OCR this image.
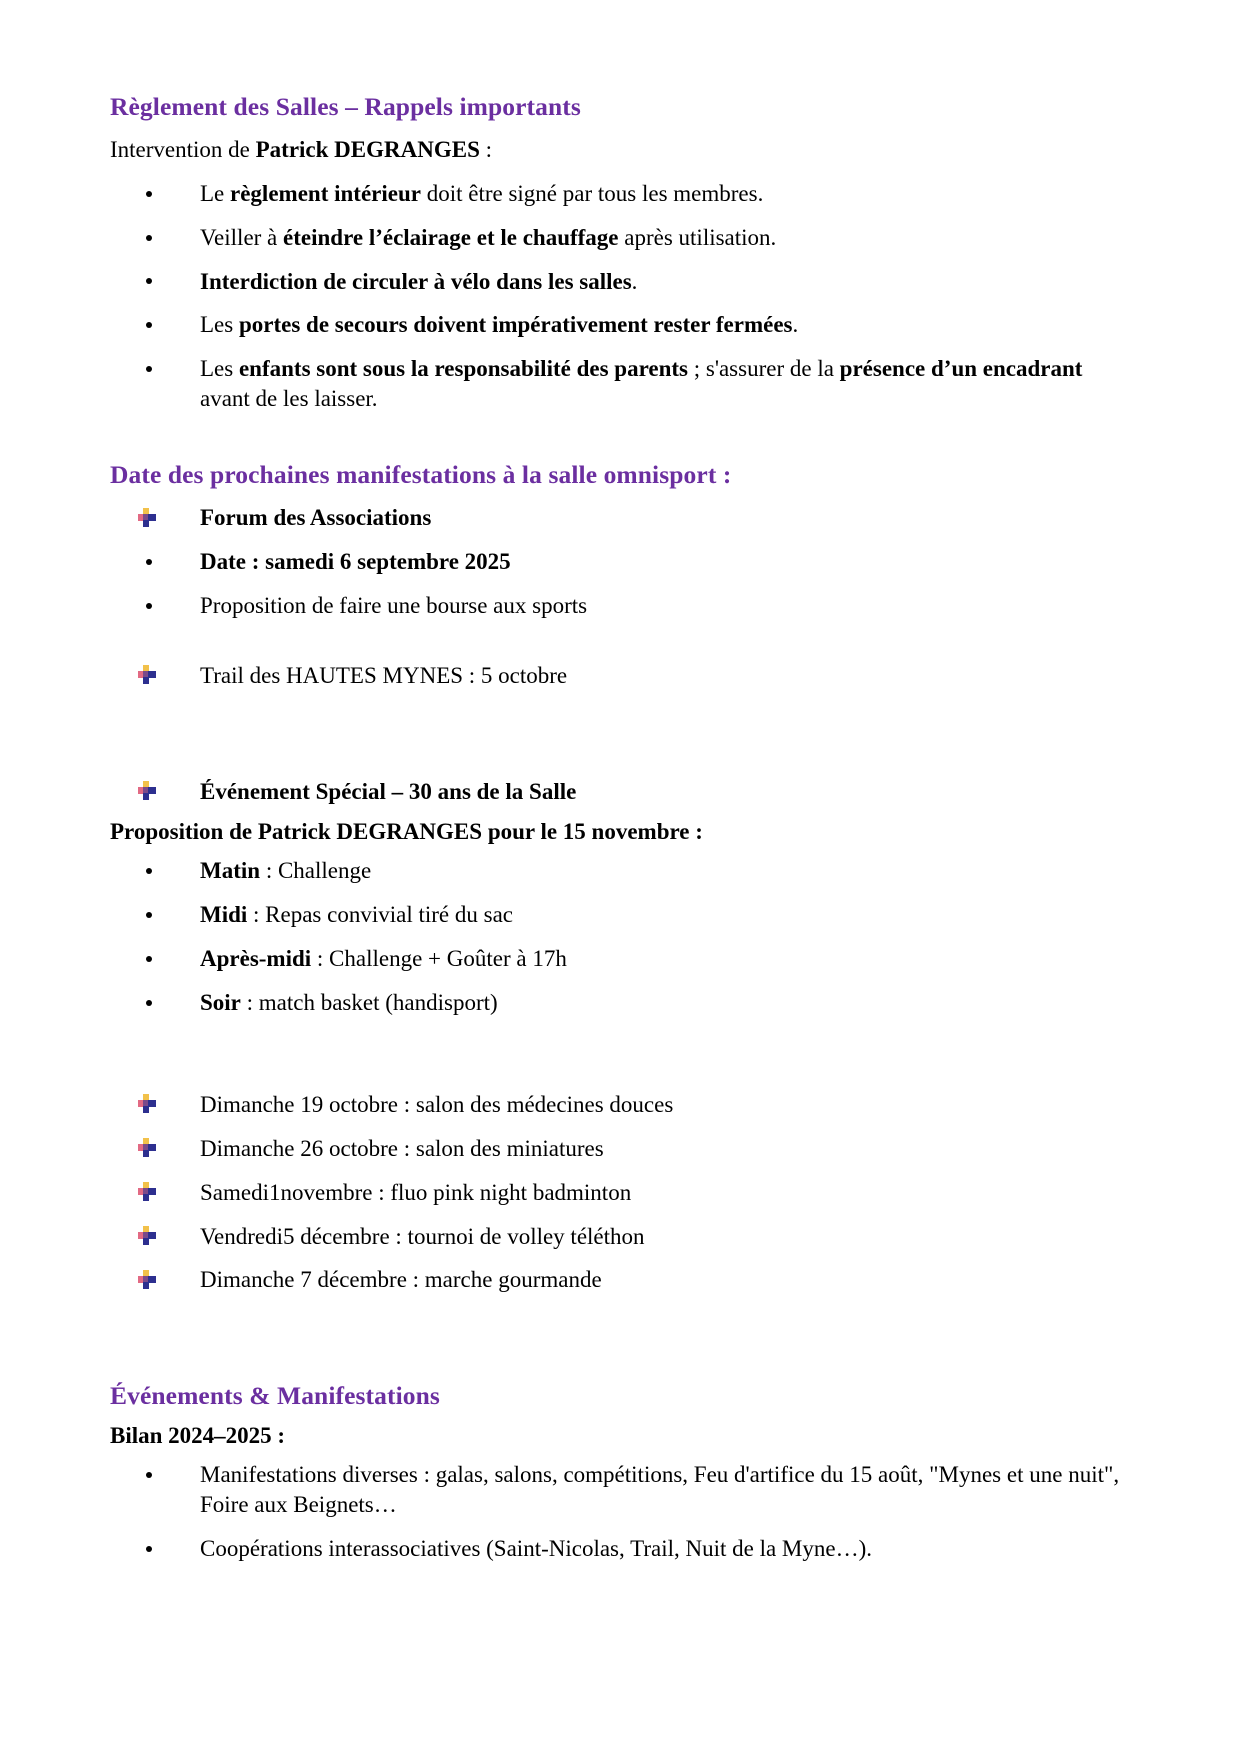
Règlement des Salles – Rappels importants

Intervention de Patrick DEGRANGES :

Le règlement intérieur doit être signé par tous les membres.
Veiller à éteindre l’éclairage et le chauffage après utilisation.
Interdiction de circuler à vélo dans les salles.
Les portes de secours doivent impérativement rester fermées.
Les enfants sont sous la responsabilité des parents ; s'assurer de la présence d’un encadrant avant de les laisser.
Date des prochaines manifestations à la salle omnisport :
Forum des Associations
Date : samedi 6 septembre 2025
Proposition de faire une bourse aux sports
Trail des HAUTES MYNES : 5 octobre
Événement Spécial – 30 ans de la Salle

Proposition de Patrick DEGRANGES pour le 15 novembre :

Matin : Challenge
Midi : Repas convivial tiré du sac
Après-midi : Challenge + Goûter à 17h
Soir : match basket (handisport)
Dimanche 19 octobre : salon des médecines douces
Dimanche 26 octobre : salon des miniatures
Samedi1novembre : fluo pink night badminton
Vendredi5 décembre : tournoi de volley téléthon
Dimanche 7 décembre : marche gourmande
Événements & Manifestations

Bilan 2024–2025 :

Manifestations diverses : galas, salons, compétitions, Feu d'artifice du 15 août, "Mynes et une nuit", Foire aux Beignets…
Coopérations interassociatives (Saint-Nicolas, Trail, Nuit de la Myne…).
